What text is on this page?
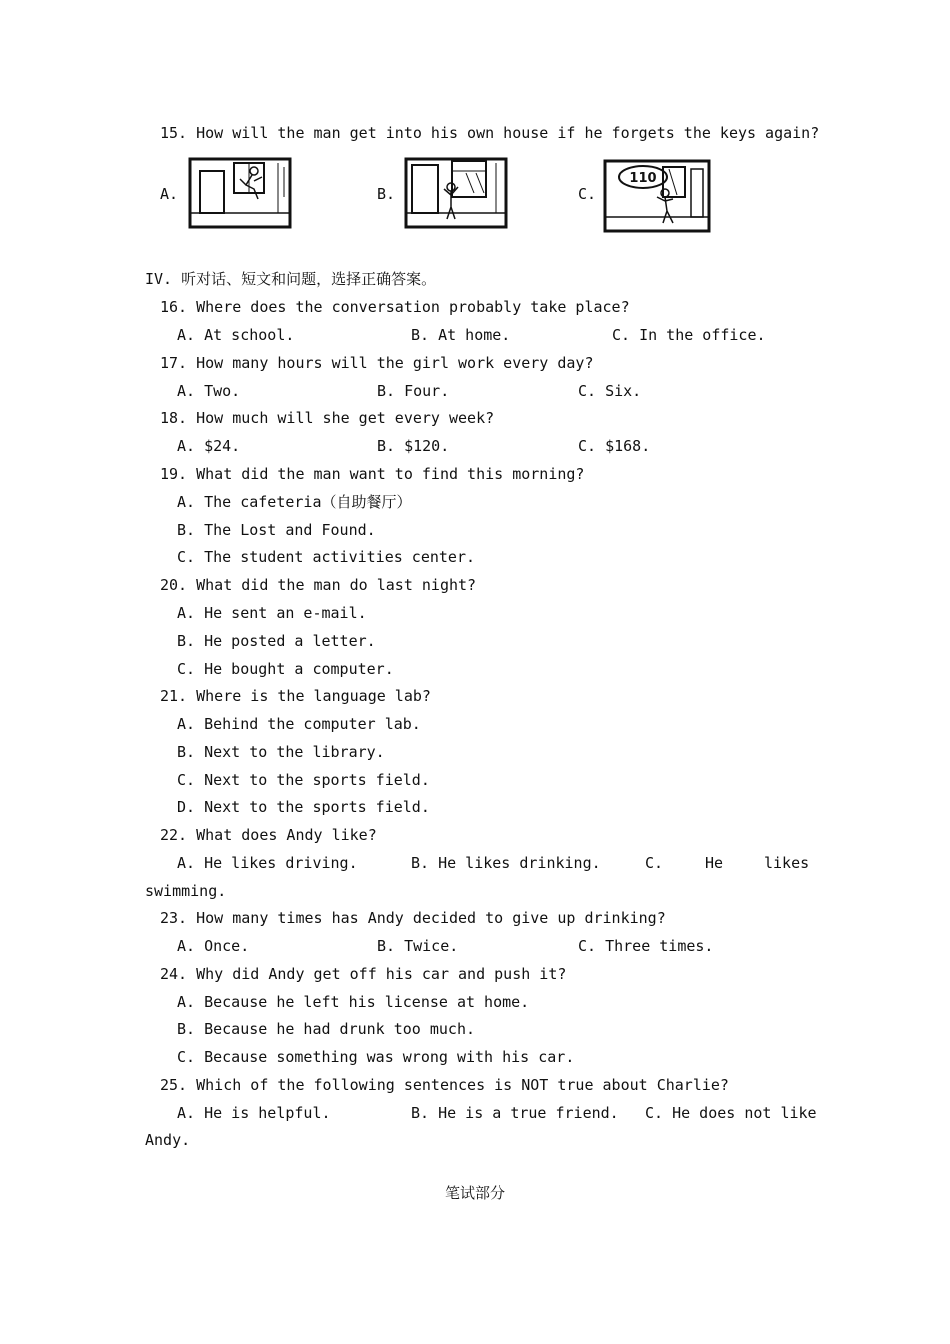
15. How will the man get into his own house if he forgets the keys again?
A.	B.	C.
110
IV. 听对话、短文和问题，选择正确答案。
16. Where does the conversation probably take place?
A. At school.	B. At home.	C. In the office.
17. How many hours will the girl work every day?
A. Two.	B. Four.	C. Six.
18. How much will she get every week?
A. $24.	B. $120.	C. $168.
19. What did the man want to find this morning?
A. The cafeteria（自助餐厅）
B. The Lost and Found.
C. The student activities center.
20. What did the man do last night?
A. He sent an e-mail.
B. He posted a letter.
C. He bought a computer.
21. Where is the language lab?
A. Behind the computer lab.
B. Next to the library.
C. Next to the sports field.
D. Next to the sports field.
22. What does Andy like?
A. He likes driving.	B. He likes drinking.	C.	He	likes
swimming.
23. How many times has Andy decided to give up drinking?
A. Once.	B. Twice.	C. Three times.
24. Why did Andy get off his car and push it?
A. Because he left his license at home.
B. Because he had drunk too much.
C. Because something was wrong with his car.
25. Which of the following sentences is NOT true about Charlie?
A. He is helpful.	B. He is a true friend. C. He does not like
Andy.
笔试部分
